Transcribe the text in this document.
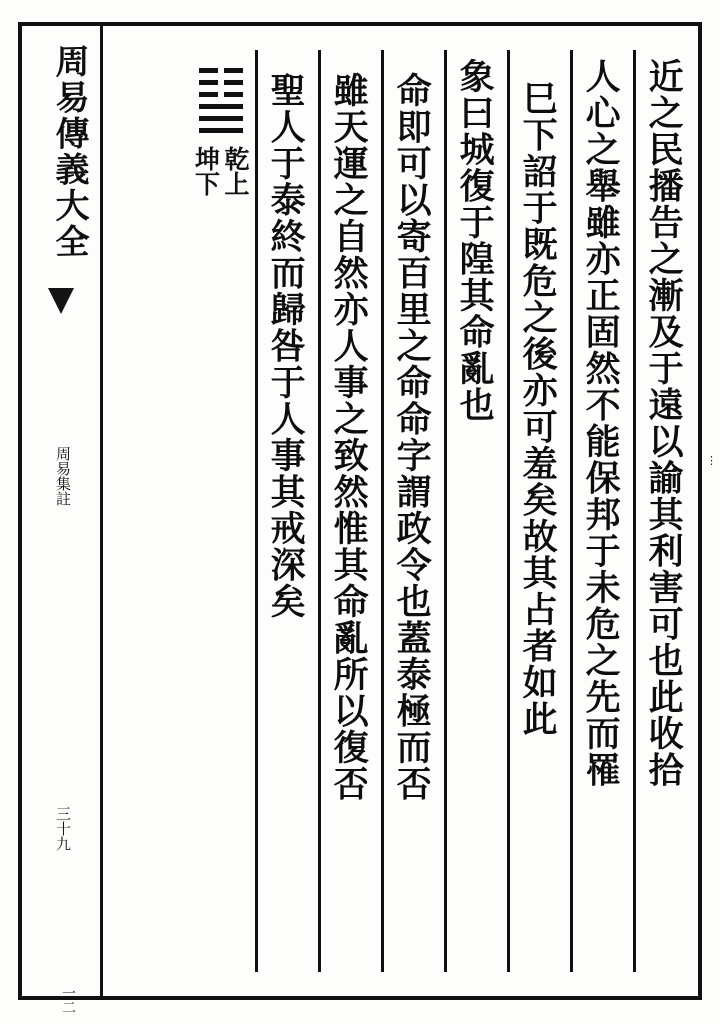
⋮
周易傳義大全
周易集註
三十九
一二
近之民播告之漸及于遠以諭其利害可也此收拾
人心之舉雖亦正固然不能保邦于未危之先而罹
巳下詔于既危之後亦可羞矣故其占者如此
象曰城復于隍其命亂也
命即可以寄百里之命命字謂政令也蓋泰極而否
雖天運之自然亦人事之致然惟其命亂所以復否
聖人于泰終而歸咎于人事其戒深矣
乾上
坤下
